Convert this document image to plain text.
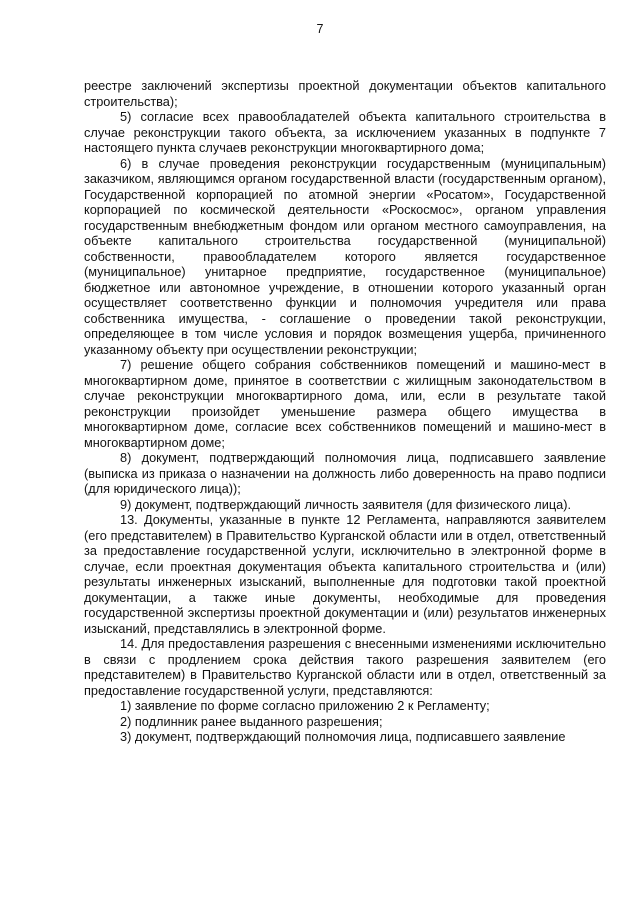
7

реестре заключений экспертизы проектной документации объектов капитального строительства);

5) согласие всех правообладателей объекта капитального строительства в случае реконструкции такого объекта, за исключением указанных в подпункте 7 настоящего пункта случаев реконструкции многоквартирного дома;

6) в случае проведения реконструкции государственным (муниципальным) заказчиком, являющимся органом государственной власти (государственным органом), Государственной корпорацией по атомной энергии «Росатом», Государственной корпорацией по космической деятельности «Роскосмос», органом управления государственным внебюджетным фондом или органом местного самоуправления, на объекте капитального строительства государственной (муниципальной) собственности, правообладателем которого является государственное (муниципальное) унитарное предприятие, государственное (муниципальное) бюджетное или автономное учреждение, в отношении которого указанный орган осуществляет соответственно функции и полномочия учредителя или права собственника имущества, - соглашение о проведении такой реконструкции, определяющее в том числе условия и порядок возмещения ущерба, причиненного указанному объекту при осуществлении реконструкции;

7) решение общего собрания собственников помещений и машино-мест в многоквартирном доме, принятое в соответствии с жилищным законодательством в случае реконструкции многоквартирного дома, или, если в результате такой реконструкции произойдет уменьшение размера общего имущества в многоквартирном доме, согласие всех собственников помещений и машино-мест в многоквартирном доме;

8) документ, подтверждающий полномочия лица, подписавшего заявление (выписка из приказа о назначении на должность либо доверенность на право подписи (для юридического лица));

9) документ, подтверждающий личность заявителя (для физического лица).

13. Документы, указанные в пункте 12 Регламента, направляются заявителем (его представителем) в Правительство Курганской области или в отдел, ответственный за предоставление государственной услуги, исключительно в электронной форме в случае, если проектная документация объекта капитального строительства и (или) результаты инженерных изысканий, выполненные для подготовки такой проектной документации, а также иные документы, необходимые для проведения государственной экспертизы проектной документации и (или) результатов инженерных изысканий, представлялись в электронной форме.

14. Для предоставления разрешения с внесенными изменениями исключительно в связи с продлением срока действия такого разрешения заявителем (его представителем) в Правительство Курганской области или в отдел, ответственный за предоставление государственной услуги, представляются:

1) заявление по форме согласно приложению 2 к Регламенту;

2) подлинник ранее выданного разрешения;

3) документ, подтверждающий полномочия лица, подписавшего заявление
